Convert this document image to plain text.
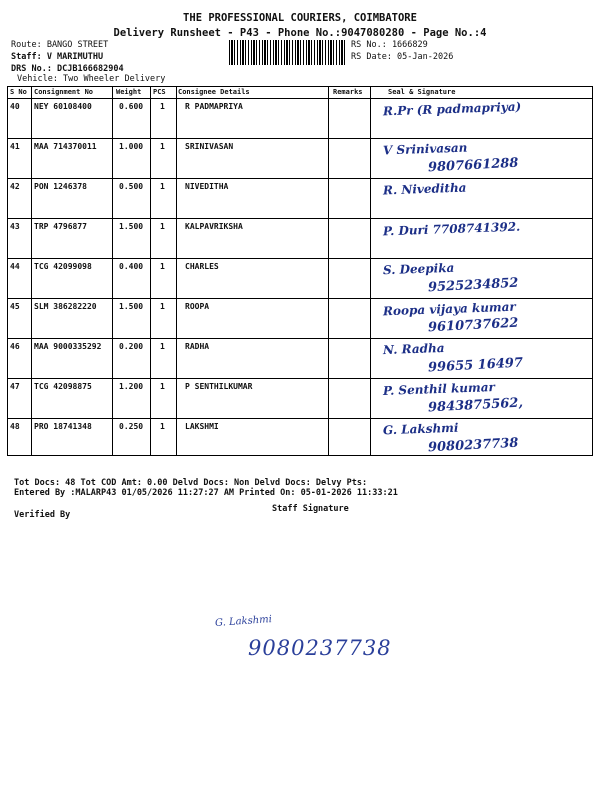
THE PROFESSIONAL COURIERS, COIMBATORE
Delivery Runsheet - P43 - Phone No.:9047080280 - Page No.:4
Route: BANGO STREET
Staff: V MARIMUTHU
DRS No.: DCJB166682904
Vehicle: Two Wheeler Delivery
RS No.: 1666829
RS Date: 05-Jan-2026
S No Consignment No	Weight PCS Consignee Details	Remarks	Seal & Signature
40 NEY 60108400	0.600 1	R PADMAPRIYA	R.Pr (R padmapriya)
41 MAA 714370011	1.000 1	SRINIVASAN	V Srinivasan
9807661288
42 PON 1246378	0.500 1	NIVEDITHA	R. Niveditha
43 TRP 4796877	1.500 1	KALPAVRIKSHA	P. Duri 7708741392.
44 TCG 42099098	0.400 1	CHARLES	S. Deepika
9525234852
45 SLM 386282220	1.500 1	ROOPA	Roopa vijaya kumar
9610737622
46 MAA 9000335292 0.200 1	RADHA	N. Radha
99655 16497
47 TCG 42098875	1.200 1	P SENTHILKUMAR	P. Senthil kumar
9843875562,
48 PRO 18741348	0.250 1	LAKSHMI	G. Lakshmi
9080237738
Tot Docs: 48 Tot COD Amt: 0.00 Delvd Docs: Non Delvd Docs: Delvy Pts:
Entered By :MALARP43 01/05/2026 11:27:27 AM Printed On: 05-01-2026 11:33:21
Verified By
Staff Signature
G. Lakshmi
9080237738
